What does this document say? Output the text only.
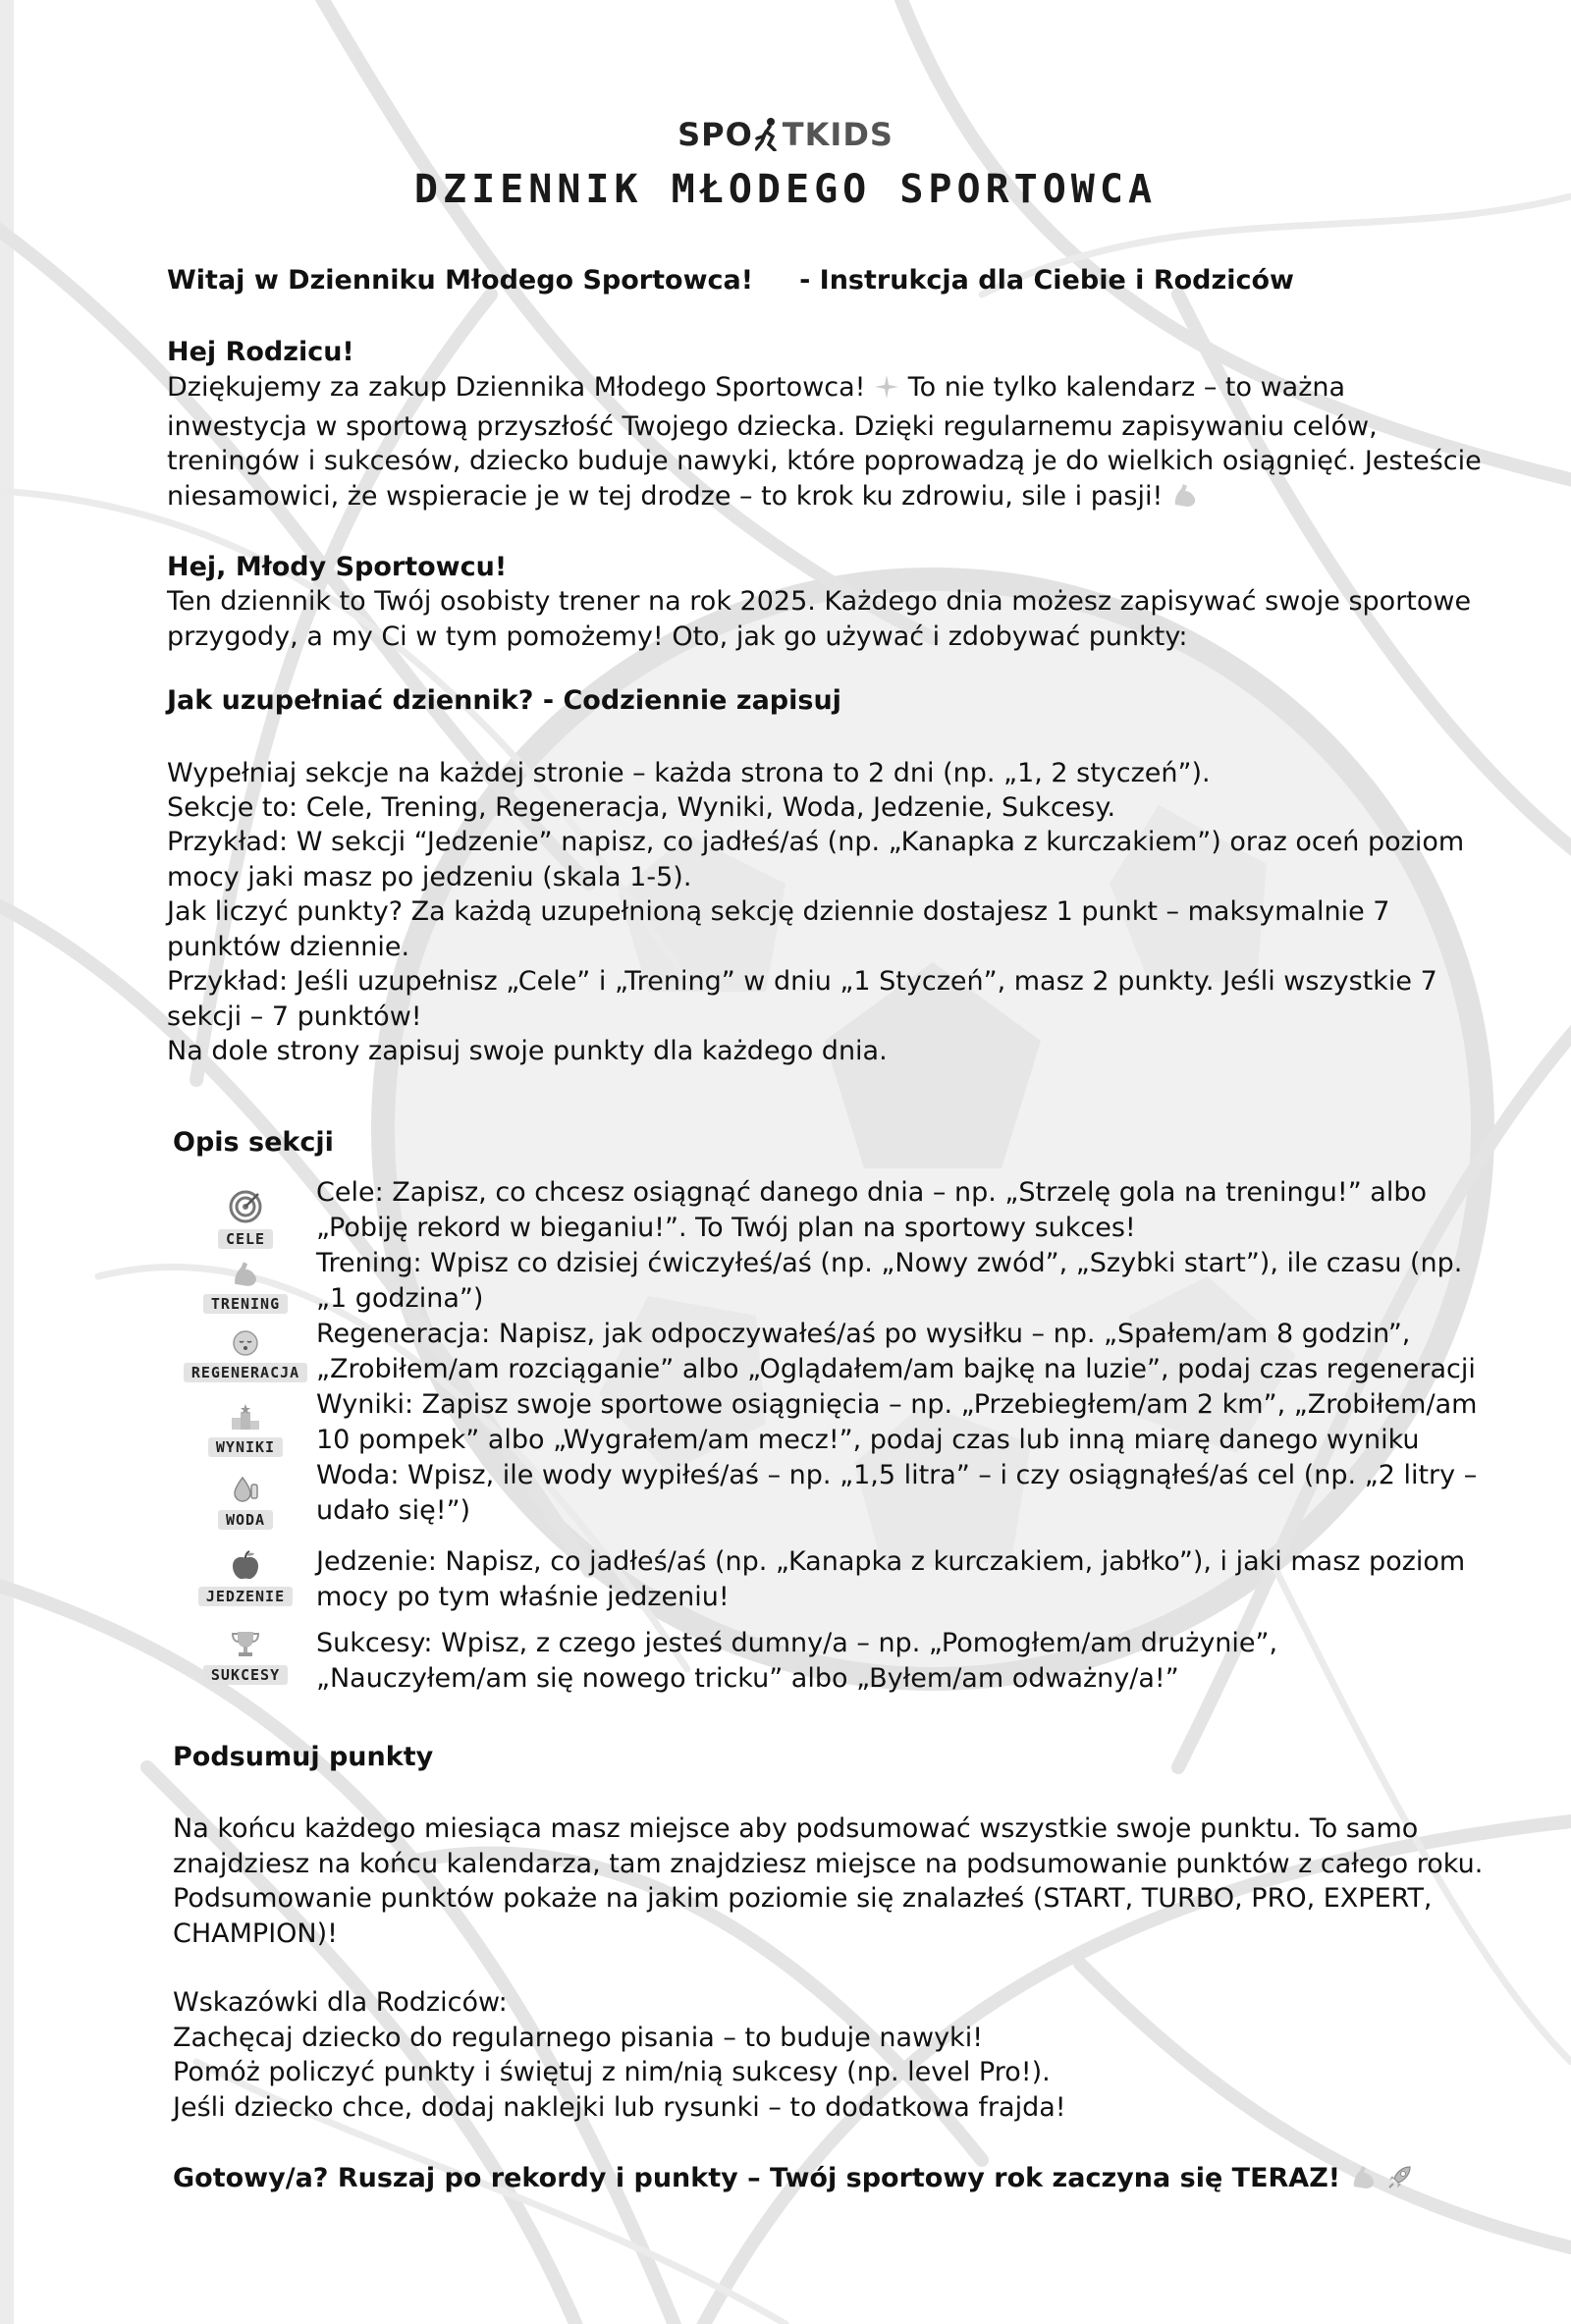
SPO TKIDS
DZIENNIK MŁODEGO SPORTOWCA

Witaj w Dzienniku Młodego Sportowca! - Instrukcja dla Ciebie i Rodziców

Hej Rodzicu!

Dziękujemy za zakup Dziennika Młodego Sportowca! To nie tylko kalendarz – to ważna inwestycja w sportową przyszłość Twojego dziecka. Dzięki regularnemu zapisywaniu celów, treningów i sukcesów, dziecko buduje nawyki, które poprowadzą je do wielkich osiągnięć. Jesteście niesamowici, że wspieracie je w tej drodze – to krok ku zdrowiu, sile i pasji!

Hej, Młody Sportowcu!

Ten dziennik to Twój osobisty trener na rok 2025. Każdego dnia możesz zapisywać swoje sportowe przygody, a my Ci w tym pomożemy! Oto, jak go używać i zdobywać punkty:

Jak uzupełniać dziennik? - Codziennie zapisuj

Wypełniaj sekcje na każdej stronie – każda strona to 2 dni (np. „1, 2 styczeń”).

Sekcje to: Cele, Trening, Regeneracja, Wyniki, Woda, Jedzenie, Sukcesy.

Przykład: W sekcji “Jedzenie” napisz, co jadłeś/aś (np. „Kanapka z kurczakiem”) oraz oceń poziom mocy jaki masz po jedzeniu (skala 1-5).

Jak liczyć punkty? Za każdą uzupełnioną sekcję dziennie dostajesz 1 punkt – maksymalnie 7 punktów dziennie.

Przykład: Jeśli uzupełnisz „Cele” i „Trening” w dniu „1 Styczeń”, masz 2 punkty. Jeśli wszystkie 7 sekcji – 7 punktów!

Na dole strony zapisuj swoje punkty dla każdego dnia.

Opis sekcji

CELE

Cele: Zapisz, co chcesz osiągnąć danego dnia – np. „Strzelę gola na treningu!” albo „Pobiję rekord w bieganiu!”. To Twój plan na sportowy sukces!

TRENING

Trening: Wpisz co dzisiej ćwiczyłeś/aś (np. „Nowy zwód”, „Szybki start”), ile czasu (np. „1 godzina”)

REGENERACJA

Regeneracja: Napisz, jak odpoczywałeś/aś po wysiłku – np. „Spałem/am 8 godzin”, „Zrobiłem/am rozciąganie” albo „Oglądałem/am bajkę na luzie”, podaj czas regeneracji

WYNIKI

Wyniki: Zapisz swoje sportowe osiągnięcia – np. „Przebiegłem/am 2 km”, „Zrobiłem/am 10 pompek” albo „Wygrałem/am mecz!”, podaj czas lub inną miarę danego wyniku

WODA

Woda: Wpisz, ile wody wypiłeś/aś – np. „1,5 litra” – i czy osiągnąłeś/aś cel (np. „2 litry – udało się!”)

JEDZENIE

Jedzenie: Napisz, co jadłeś/aś (np. „Kanapka z kurczakiem, jabłko”), i jaki masz poziom mocy po tym właśnie jedzeniu!

SUKCESY

Sukcesy: Wpisz, z czego jesteś dumny/a – np. „Pomogłem/am drużynie”, „Nauczyłem/am się nowego tricku” albo „Byłem/am odważny/a!”

Podsumuj punkty

Na końcu każdego miesiąca masz miejsce aby podsumować wszystkie swoje punktu. To samo znajdziesz na końcu kalendarza, tam znajdziesz miejsce na podsumowanie punktów z całego roku. Podsumowanie punktów pokaże na jakim poziomie się znalazłeś (START, TURBO, PRO, EXPERT, CHAMPION)!

Wskazówki dla Rodziców:

Zachęcaj dziecko do regularnego pisania – to buduje nawyki!

Pomóż policzyć punkty i świętuj z nim/nią sukcesy (np. level Pro!).

Jeśli dziecko chce, dodaj naklejki lub rysunki – to dodatkowa frajda!

Gotowy/a? Ruszaj po rekordy i punkty – Twój sportowy rok zaczyna się TERAZ!
